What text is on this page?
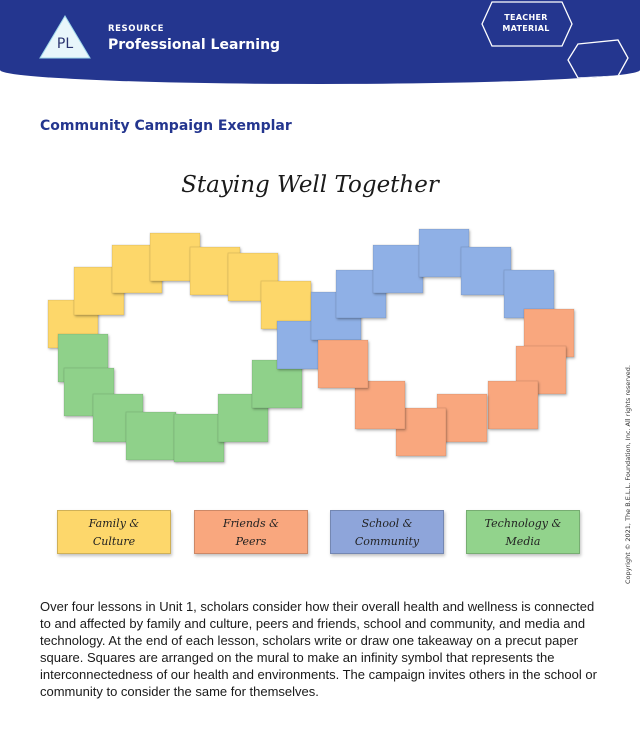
PL
RESOURCE
Professional Learning
TEACHER
MATERIAL
Community Campaign Exemplar
Staying Well Together
Family &
Culture
Friends &
Peers
School &
Community
Technology &
Media
Over four lessons in Unit 1, scholars consider how their overall health and wellness is connected to and affected by family and culture, peers and friends, school and community, and media and technology. At the end of each lesson, scholars write or draw one takeaway on a precut paper square. Squares are arranged on the mural to make an infinity symbol that represents the interconnectedness of our health and environments. The campaign invites others in the school or community to consider the same for themselves.
Copyright © 2021, The B.E.L.L. Foundation, Inc. All rights reserved.
